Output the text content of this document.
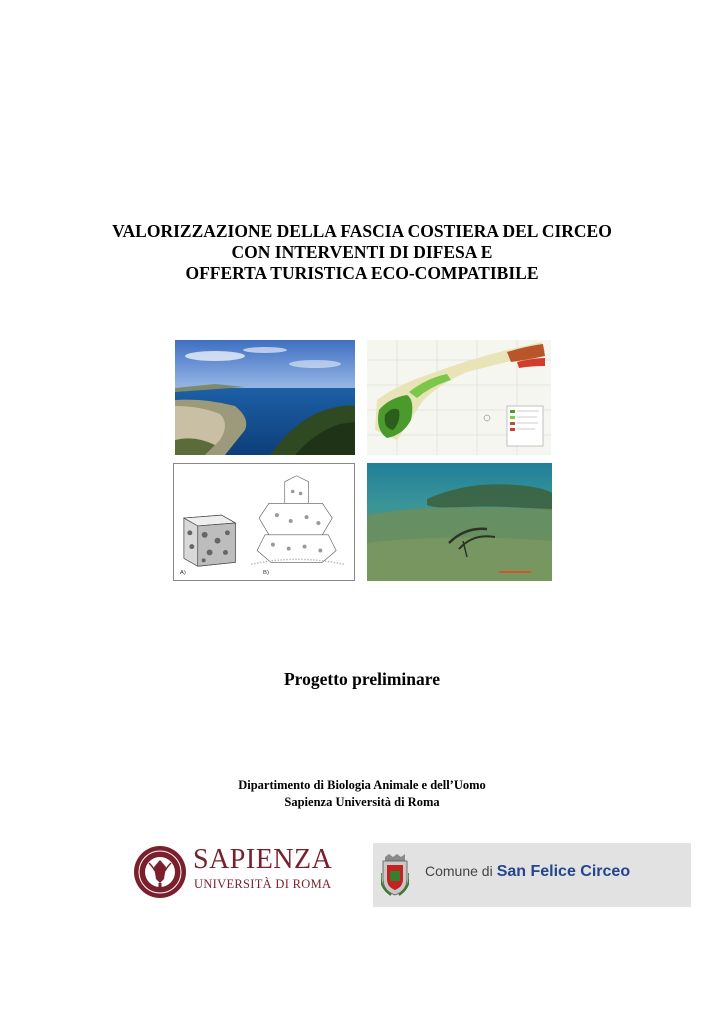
VALORIZZAZIONE DELLA FASCIA COSTIERA DEL CIRCEO
CON INTERVENTI DI DIFESA E
OFFERTA TURISTICA ECO-COMPATIBILE
A)	B)
Progetto preliminare
Dipartimento di Biologia Animale e dell’Uomo
Sapienza Università di Roma
SAPIENZA
UNIVERSITÀ DI ROMA
Comune di San Felice Circeo
